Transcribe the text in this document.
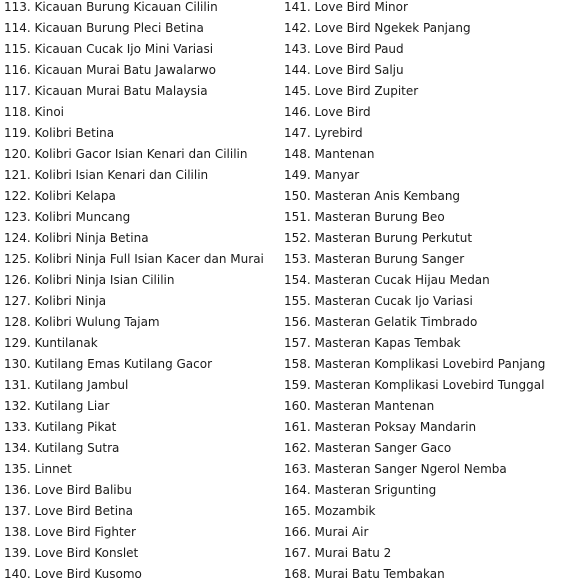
113. Kicauan Burung Kicauan Cililin
114. Kicauan Burung Pleci Betina
115. Kicauan Cucak Ijo Mini Variasi
116. Kicauan Murai Batu Jawalarwo
117. Kicauan Murai Batu Malaysia
118. Kinoi
119. Kolibri Betina
120. Kolibri Gacor Isian Kenari dan Cililin
121. Kolibri Isian Kenari dan Cililin
122. Kolibri Kelapa
123. Kolibri Muncang
124. Kolibri Ninja Betina
125. Kolibri Ninja Full Isian Kacer dan Murai
126. Kolibri Ninja Isian Cililin
127. Kolibri Ninja
128. Kolibri Wulung Tajam
129. Kuntilanak
130. Kutilang Emas Kutilang Gacor
131. Kutilang Jambul
132. Kutilang Liar
133. Kutilang Pikat
134. Kutilang Sutra
135. Linnet
136. Love Bird Balibu
137. Love Bird Betina
138. Love Bird Fighter
139. Love Bird Konslet
140. Love Bird Kusomo
141. Love Bird Minor
142. Love Bird Ngekek Panjang
143. Love Bird Paud
144. Love Bird Salju
145. Love Bird Zupiter
146. Love Bird
147. Lyrebird
148. Mantenan
149. Manyar
150. Masteran Anis Kembang
151. Masteran Burung Beo
152. Masteran Burung Perkutut
153. Masteran Burung Sanger
154. Masteran Cucak Hijau Medan
155. Masteran Cucak Ijo Variasi
156. Masteran Gelatik Timbrado
157. Masteran Kapas Tembak
158. Masteran Komplikasi Lovebird Panjang
159. Masteran Komplikasi Lovebird Tunggal
160. Masteran Mantenan
161. Masteran Poksay Mandarin
162. Masteran Sanger Gaco
163. Masteran Sanger Ngerol Nemba
164. Masteran Srigunting
165. Mozambik
166. Murai Air
167. Murai Batu 2
168. Murai Batu Tembakan
